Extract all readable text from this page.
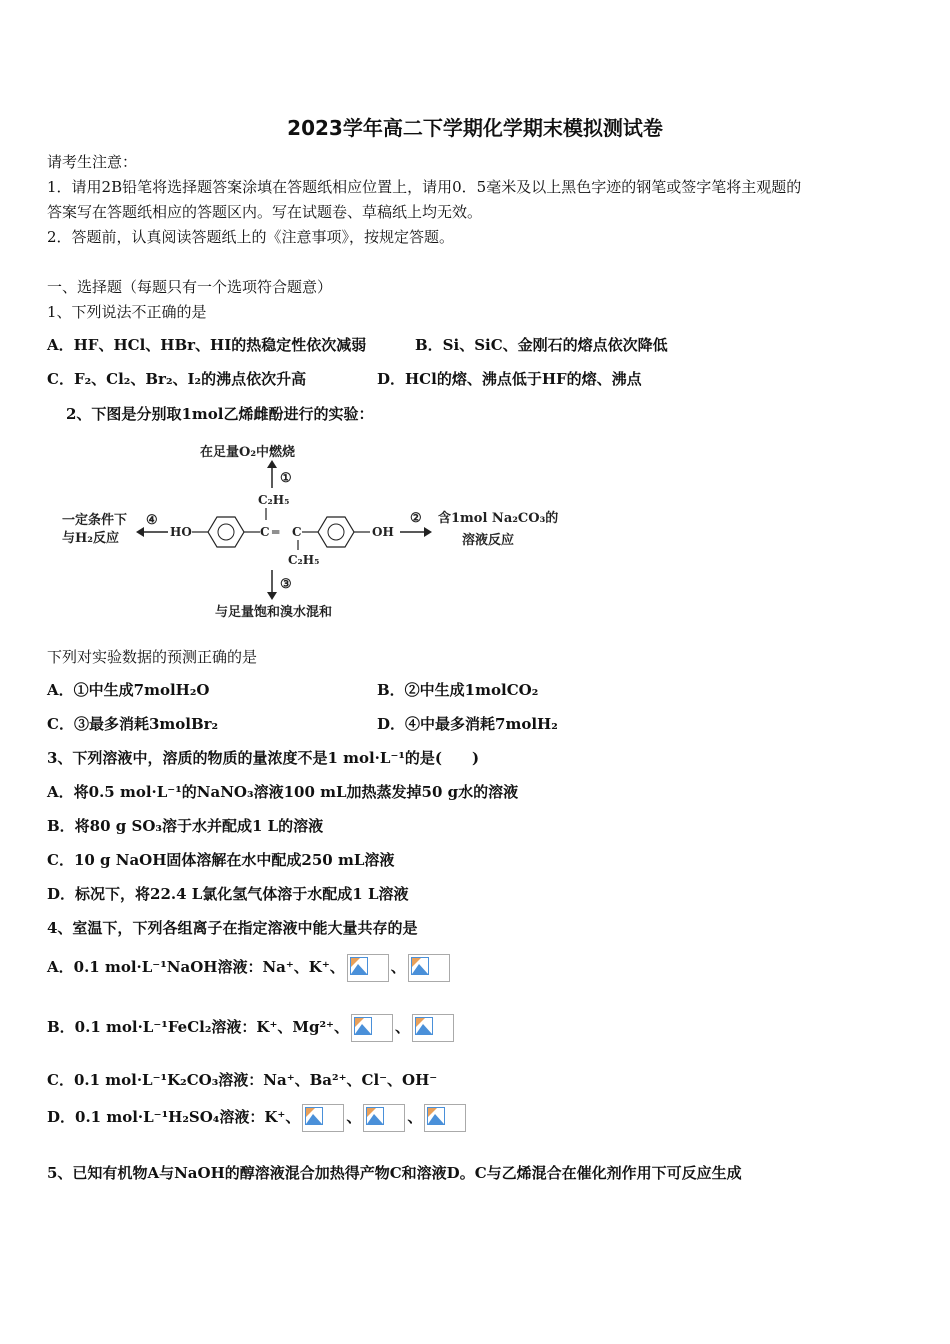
2023学年高二下学期化学期末模拟测试卷
请考生注意：
1．请用2B铅笔将选择题答案涂填在答题纸相应位置上，请用0．5毫米及以上黑色字迹的钢笔或签字笔将主观题的
答案写在答题纸相应的答题区内。写在试题卷、草稿纸上均无效。
2．答题前，认真阅读答题纸上的《注意事项》，按规定答题。
一、选择题（每题只有一个选项符合题意）
1、下列说法不正确的是
A．HF、HCl、HBr、HI的热稳定性依次减弱	B．Si、SiC、金刚石的熔点依次降低
C．F₂、Cl₂、Br₂、I₂的沸点依次升高	D．HCl的熔、沸点低于HF的熔、沸点
2、下图是分别取1mol乙烯雌酚进行的实验：
在足量O₂中燃烧
①
C₂H₅
一定条件下
与H₂反应
④
HO	C ═ C	OH
② 含1mol Na₂CO₃的
溶液反应
C₂H₅
③
与足量饱和溴水混和
下列对实验数据的预测正确的是
A．①中生成7molH₂O	B．②中生成1molCO₂
C．③最多消耗3molBr₂	D．④中最多消耗7molH₂
3、下列溶液中，溶质的物质的量浓度不是1 mol·L⁻¹的是(　　)
A．将0.5 mol·L⁻¹的NaNO₃溶液100 mL加热蒸发掉50 g水的溶液
B．将80 g SO₃溶于水并配成1 L的溶液
C．10 g NaOH固体溶解在水中配成250 mL溶液
D．标况下，将22.4 L氯化氢气体溶于水配成1 L溶液
4、室温下，下列各组离子在指定溶液中能大量共存的是
A．0.1 mol·L⁻¹NaOH溶液：Na⁺、K⁺、	、
B．0.1 mol·L⁻¹FeCl₂溶液：K⁺、Mg²⁺、	、
C．0.1 mol·L⁻¹K₂CO₃溶液：Na⁺、Ba²⁺、Cl⁻、OH⁻
D．0.1 mol·L⁻¹H₂SO₄溶液：K⁺、	、	、
5、已知有机物A与NaOH的醇溶液混合加热得产物C和溶液D。C与乙烯混合在催化剂作用下可反应生成
